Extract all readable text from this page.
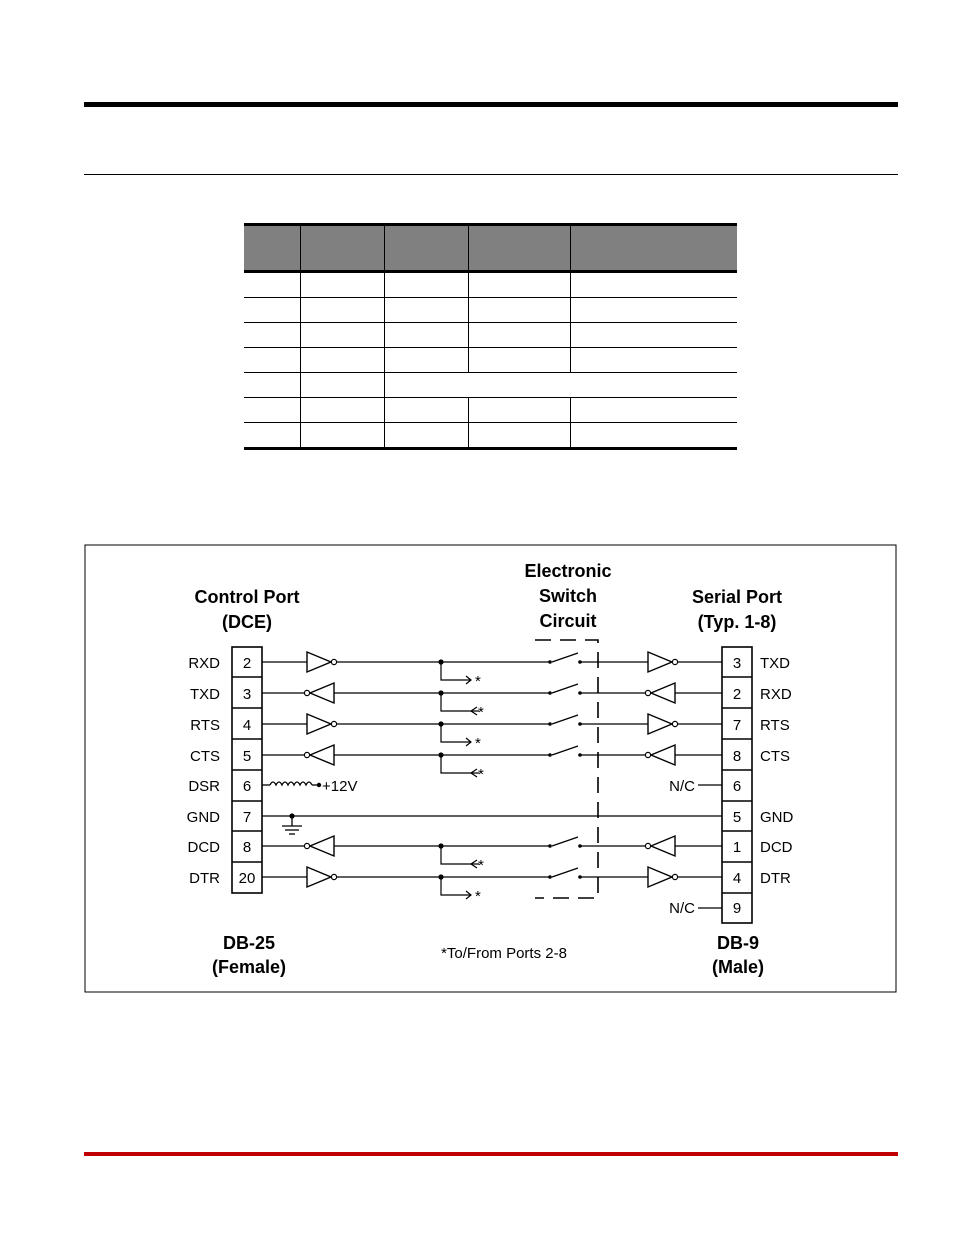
Control Port
(DCE)
Electronic
Switch
Circuit
Serial Port
(Typ. 1-8)
2
3
4
5
6
7
8
20
RXD
TXD
RTS
CTS
DSR
GND
DCD
DTR
3
2
7
8
6
5
1
4
9
TXD
RXD
RTS
CTS
N/C
GND
DCD
DTR
N/C
+12V
*
*
*
*
*
*
DB-25
(Female)
DB-9
(Male)
*To/From Ports 2-8
